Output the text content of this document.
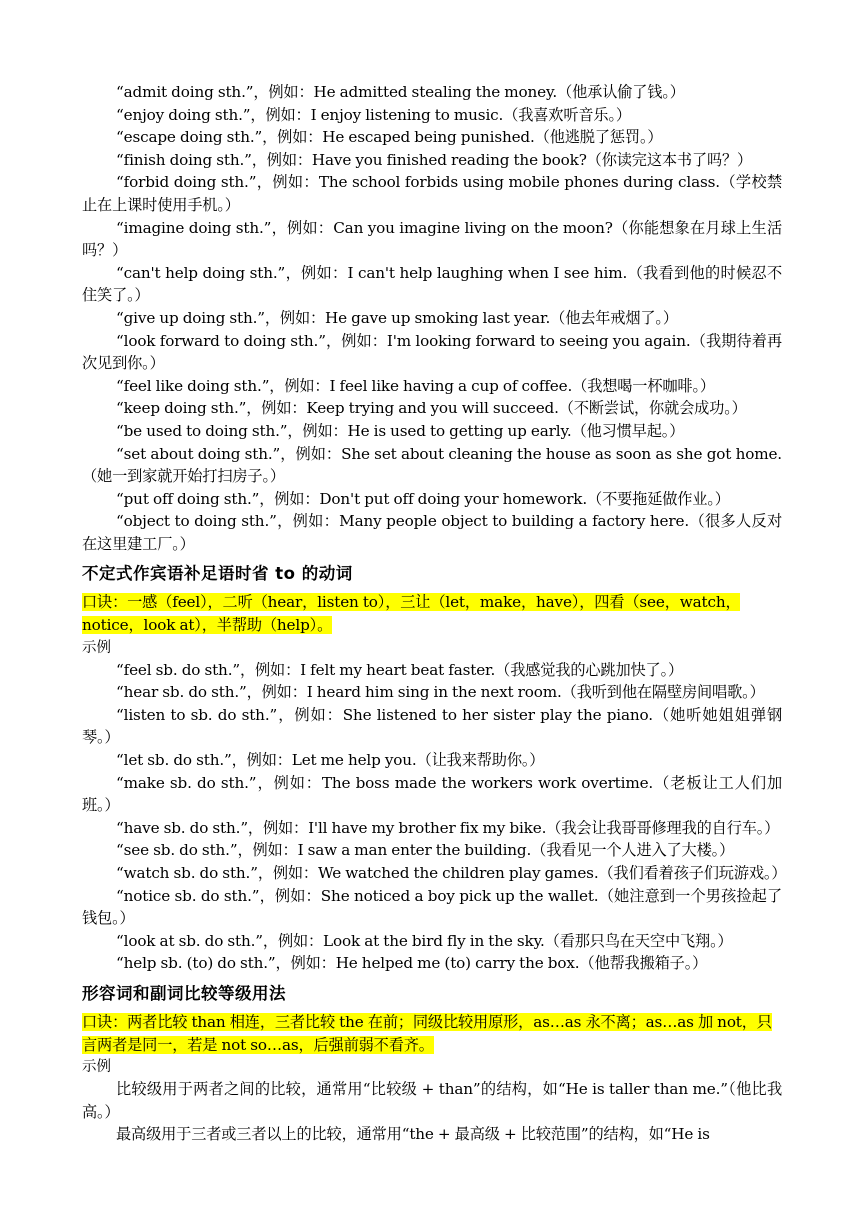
“admit doing sth.”，例如：He admitted stealing the money.（他承认偷了钱。）

“enjoy doing sth.”，例如：I enjoy listening to music.（我喜欢听音乐。）

“escape doing sth.”，例如：He escaped being punished.（他逃脱了惩罚。）

“finish doing sth.”，例如：Have you finished reading the book?（你读完这本书了吗？）

“forbid doing sth.”，例如：The school forbids using mobile phones during class.（学校禁止在上课时使用手机。）

“imagine doing sth.”，例如：Can you imagine living on the moon?（你能想象在月球上生活吗？）

“can't help doing sth.”，例如：I can't help laughing when I see him.（我看到他的时候忍不住笑了。）

“give up doing sth.”，例如：He gave up smoking last year.（他去年戒烟了。）

“look forward to doing sth.”，例如：I'm looking forward to seeing you again.（我期待着再次见到你。）

“feel like doing sth.”，例如：I feel like having a cup of coffee.（我想喝一杯咖啡。）

“keep doing sth.”，例如：Keep trying and you will succeed.（不断尝试，你就会成功。）

“be used to doing sth.”，例如：He is used to getting up early.（他习惯早起。）

“set about doing sth.”，例如：She set about cleaning the house as soon as she got home.（她一到家就开始打扫房子。）

“put off doing sth.”，例如：Don't put off doing your homework.（不要拖延做作业。）

“object to doing sth.”，例如：Many people object to building a factory here.（很多人反对在这里建工厂。）

不定式作宾语补足语时省 to 的动词

口诀：一感（feel），二听（hear，listen to），三让（let，make，have），四看（see，watch，notice，look at），半帮助（help）。

示例

“feel sb. do sth.”，例如：I felt my heart beat faster.（我感觉我的心跳加快了。）

“hear sb. do sth.”，例如：I heard him sing in the next room.（我听到他在隔壁房间唱歌。）

“listen to sb. do sth.”，例如：She listened to her sister play the piano.（她听她姐姐弹钢琴。）

“let sb. do sth.”，例如：Let me help you.（让我来帮助你。）

“make sb. do sth.”，例如：The boss made the workers work overtime.（老板让工人们加班。）

“have sb. do sth.”，例如：I'll have my brother fix my bike.（我会让我哥哥修理我的自行车。）

“see sb. do sth.”，例如：I saw a man enter the building.（我看见一个人进入了大楼。）

“watch sb. do sth.”，例如：We watched the children play games.（我们看着孩子们玩游戏。）

“notice sb. do sth.”，例如：She noticed a boy pick up the wallet.（她注意到一个男孩捡起了钱包。）

“look at sb. do sth.”，例如：Look at the bird fly in the sky.（看那只鸟在天空中飞翔。）

“help sb. (to) do sth.”，例如：He helped me (to) carry the box.（他帮我搬箱子。）

形容词和副词比较等级用法

口诀：两者比较 than 相连，三者比较 the 在前；同级比较用原形，as…as 永不离；as…as 加 not，只言两者是同一，若是 not so…as，后强前弱不看齐。

示例

比较级用于两者之间的比较，通常用“比较级 + than”的结构，如“He is taller than me.”（他比我高。）

最高级用于三者或三者以上的比较，通常用“the + 最高级 + 比较范围”的结构，如“He is
